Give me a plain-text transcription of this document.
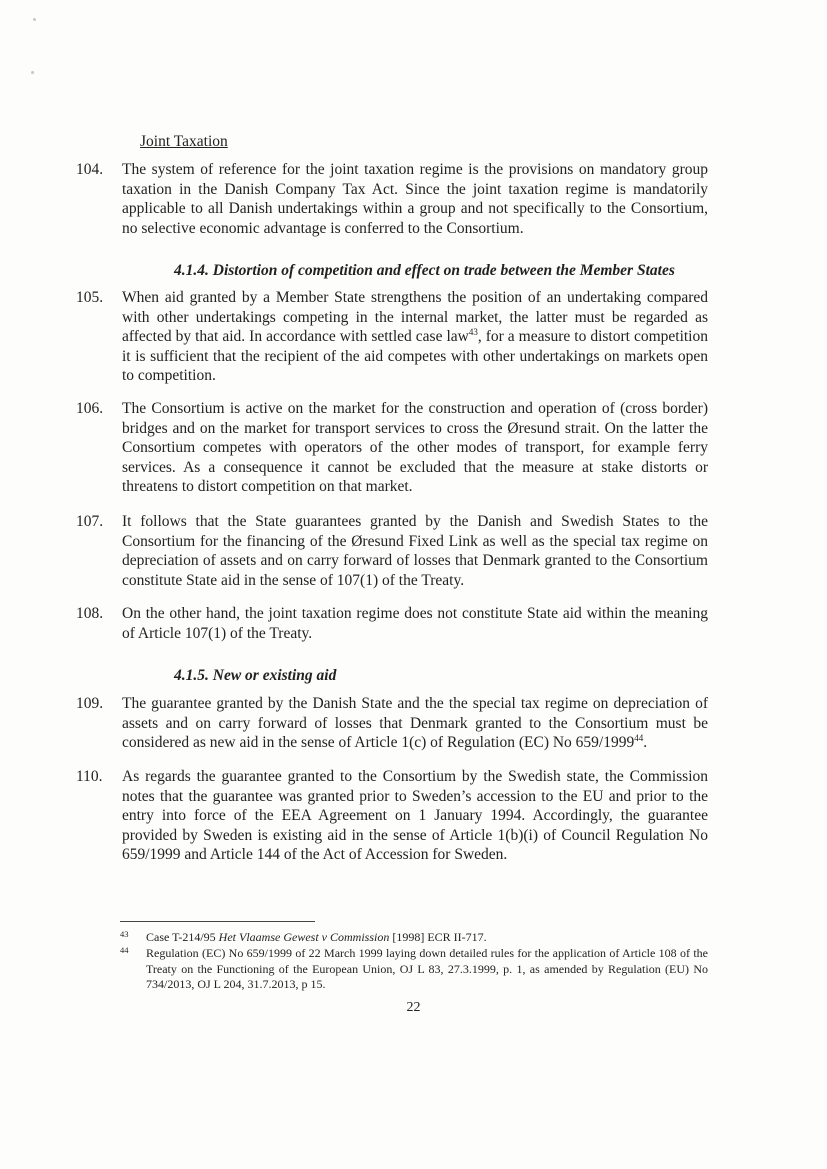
Joint Taxation
104.	The system of reference for the joint taxation regime is the provisions on mandatory group taxation in the Danish Company Tax Act. Since the joint taxation regime is mandatorily applicable to all Danish undertakings within a group and not specifically to the Consortium, no selective economic advantage is conferred to the Consortium.
4.1.4. Distortion of competition and effect on trade between the Member States
105.	When aid granted by a Member State strengthens the position of an undertaking compared with other undertakings competing in the internal market, the latter must be regarded as affected by that aid. In accordance with settled case law$^{43}$, for a measure to distort competition it is sufficient that the recipient of the aid competes with other undertakings on markets open to competition.
106.	The Consortium is active on the market for the construction and operation of (cross border) bridges and on the market for transport services to cross the Øresund strait. On the latter the Consortium competes with operators of the other modes of transport, for example ferry services. As a consequence it cannot be excluded that the measure at stake distorts or threatens to distort competition on that market.
107.	It follows that the State guarantees granted by the Danish and Swedish States to the Consortium for the financing of the Øresund Fixed Link as well as the special tax regime on depreciation of assets and on carry forward of losses that Denmark granted to the Consortium constitute State aid in the sense of 107(1) of the Treaty.
108.	On the other hand, the joint taxation regime does not constitute State aid within the meaning of Article 107(1) of the Treaty.
4.1.5. New or existing aid
109.	The guarantee granted by the Danish State and the the special tax regime on depreciation of assets and on carry forward of losses that Denmark granted to the Consortium must be considered as new aid in the sense of Article 1(c) of Regulation (EC) No 659/1999$^{44}$.
110.	As regards the guarantee granted to the Consortium by the Swedish state, the Commission notes that the guarantee was granted prior to Sweden’s accession to the EU and prior to the entry into force of the EEA Agreement on 1 January 1994. Accordingly, the guarantee provided by Sweden is existing aid in the sense of Article 1(b)(i) of Council Regulation No 659/1999 and Article 144 of the Act of Accession for Sweden.
43 Case T-214/95 Het Vlaamse Gewest v Commission [1998] ECR II-717.
44 Regulation (EC) No 659/1999 of 22 March 1999 laying down detailed rules for the application of Article 108 of the Treaty on the Functioning of the European Union, OJ L 83, 27.3.1999, p. 1, as amended by Regulation (EU) No 734/2013, OJ L 204, 31.7.2013, p 15.
22
